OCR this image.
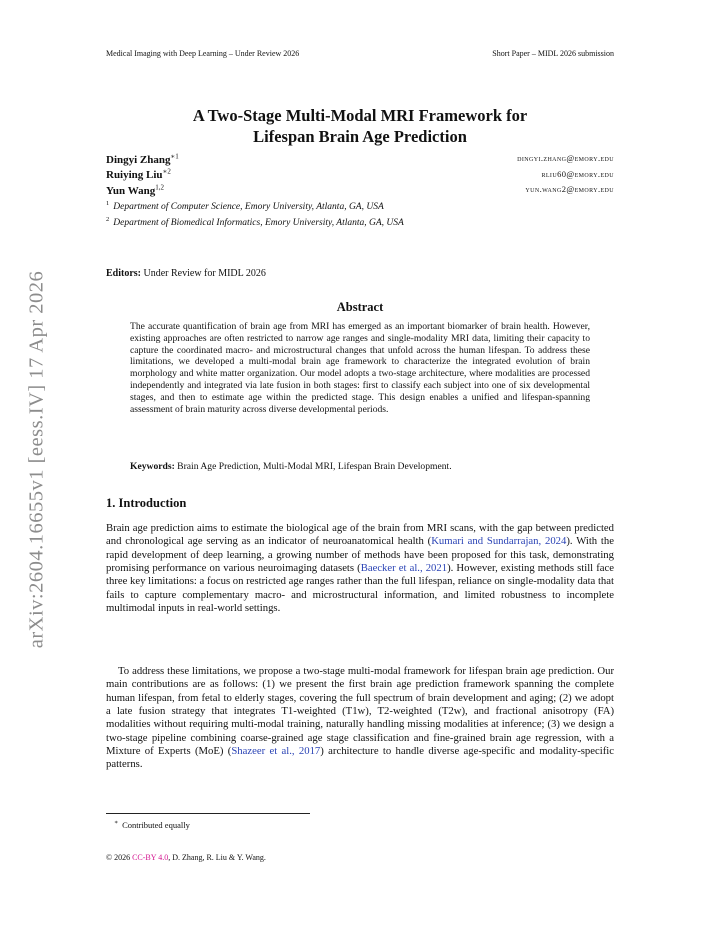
Medical Imaging with Deep Learning – Under Review 2026	Short Paper – MIDL 2026 submission
arXiv:2604.16655v1 [eess.IV] 17 Apr 2026
A Two-Stage Multi-Modal MRI Framework for
Lifespan Brain Age Prediction
Dingyi Zhang$^{∗1}$	dingyi.zhang@emory.edu
Ruiying Liu$^{∗2}$	rliu60@emory.edu
Yun Wang$^{1,2}$	yun.wang2@emory.edu
$^1$ Department of Computer Science, Emory University, Atlanta, GA, USA
$^2$ Department of Biomedical Informatics, Emory University, Atlanta, GA, USA
Editors: Under Review for MIDL 2026
Abstract
The accurate quantification of brain age from MRI has emerged as an important biomarker of brain health. However, existing approaches are often restricted to narrow age ranges and single-modality MRI data, limiting their capacity to capture the coordinated macro- and microstructural changes that unfold across the human lifespan. To address these limitations, we developed a multi-modal brain age framework to characterize the integrated evolution of brain morphology and white matter organization. Our model adopts a two-stage architecture, where modalities are processed independently and integrated via late fusion in both stages: first to classify each subject into one of six developmental stages, and then to estimate age within the predicted stage. This design enables a unified and lifespan-spanning assessment of brain maturity across diverse developmental periods.
Keywords: Brain Age Prediction, Multi-Modal MRI, Lifespan Brain Development.
1. Introduction
Brain age prediction aims to estimate the biological age of the brain from MRI scans, with the gap between predicted and chronological age serving as an indicator of neuroanatomical health (Kumari and Sundarrajan, 2024). With the rapid development of deep learning, a growing number of methods have been proposed for this task, demonstrating promising performance on various neuroimaging datasets (Baecker et al., 2021). However, existing methods still face three key limitations: a focus on restricted age ranges rather than the full lifespan, reliance on single-modality data that fails to capture complementary macro- and microstructural information, and limited robustness to incomplete multimodal inputs in real-world settings.
To address these limitations, we propose a two-stage multi-modal framework for lifespan brain age prediction. Our main contributions are as follows: (1) we present the first brain age prediction framework spanning the complete human lifespan, from fetal to elderly stages, covering the full spectrum of brain development and aging; (2) we adopt a late fusion strategy that integrates T1-weighted (T1w), T2-weighted (T2w), and fractional anisotropy (FA) modalities without requiring multi-modal training, naturally handling missing modalities at inference; (3) we design a two-stage pipeline combining coarse-grained age stage classification and fine-grained brain age regression, with a Mixture of Experts (MoE) (Shazeer et al., 2017) architecture to handle diverse age-specific and modality-specific patterns.
∗ Contributed equally
© 2026 CC-BY 4.0, D. Zhang, R. Liu & Y. Wang.
